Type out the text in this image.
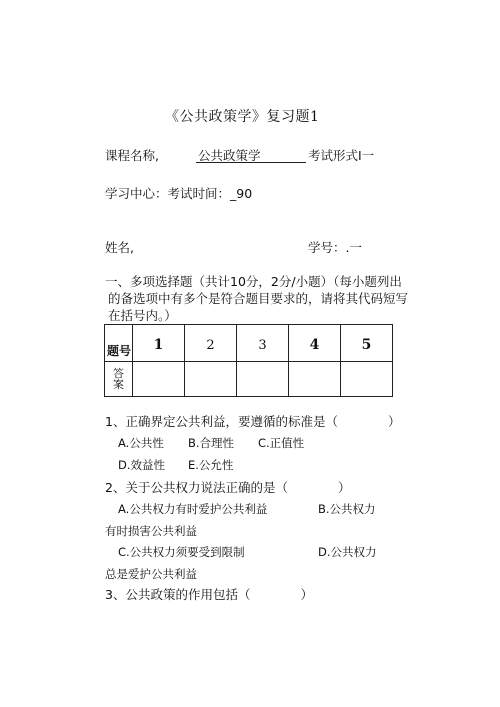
《公共政策学》复习题1
课程名称,	公共政策学	考试形式I一
学习中心：考试时间：_90
姓名,	学号：.一
一、多项选择题（共计10分，2分/小题）（每小题列出
的备选项中有多个是符合题目要求的，请将其代码短写
在括号内。）
题号	1	2	3	4	5
答案					
1、正确界定公共利益，要遵循的标准是（　　　　）
A.公共性 B.合理性 C.正值性
D.效益性 E.公允性
2、关于公共权力说法正确的是（　　　　）
A.公共权力有时爱护公共利益	B.公共权力
有时损害公共利益
C.公共权力须要受到限制	D.公共权力
总是爱护公共利益
3、公共政策的作用包括（　　　　）
